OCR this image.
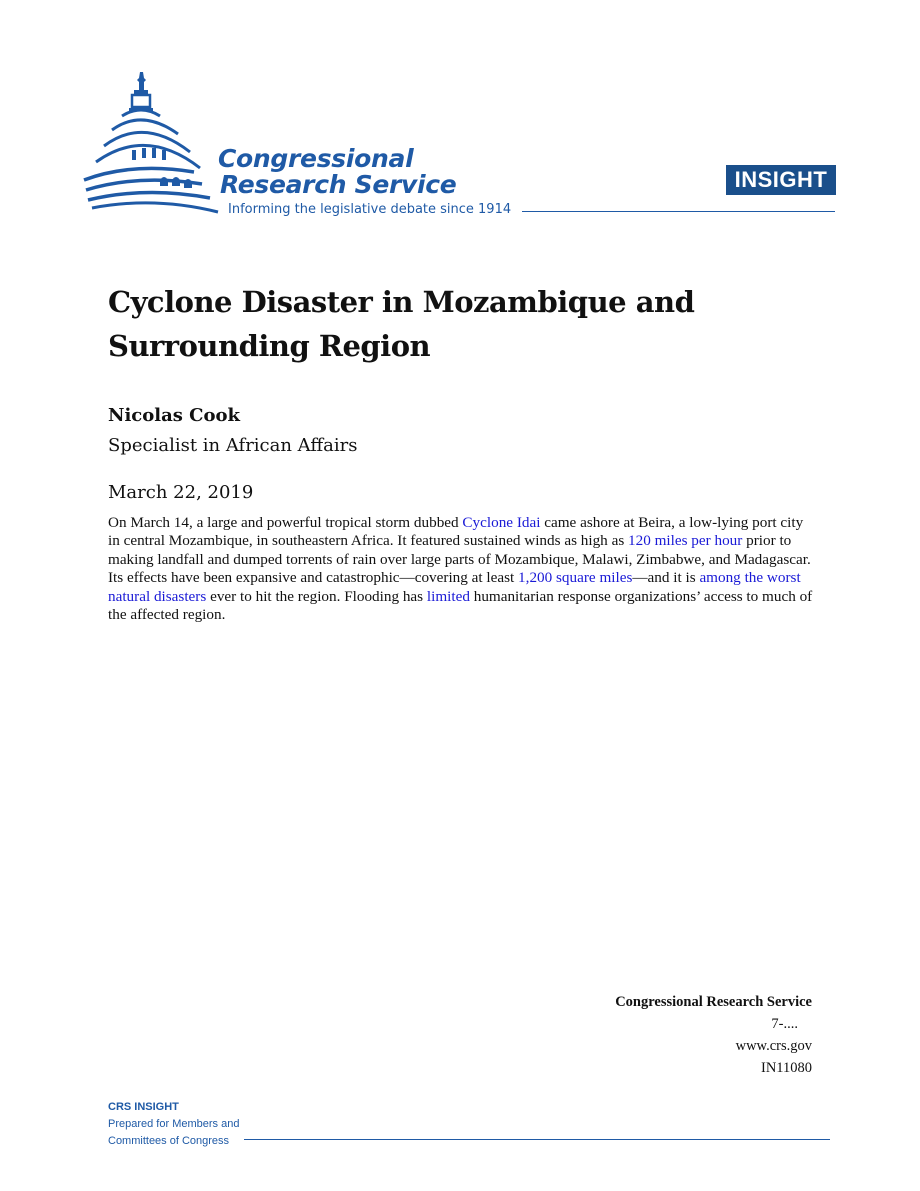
Congressional
Research Service
Informing the legislative debate since 1914
INSIGHT
Cyclone Disaster in Mozambique and Surrounding Region
Nicolas Cook
Specialist in African Affairs
March 22, 2019

On March 14, a large and powerful tropical storm dubbed Cyclone Idai came ashore at Beira, a low-lying port city in central Mozambique, in southeastern Africa. It featured sustained winds as high as 120 miles per hour prior to making landfall and dumped torrents of rain over large parts of Mozambique, Malawi, Zimbabwe, and Madagascar. Its effects have been expansive and catastrophic—covering at least 1,200 square miles—and it is among the worst natural disasters ever to hit the region. Flooding has limited humanitarian response organizations’ access to much of the affected region.

Congressional Research Service
7-....
www.crs.gov
IN11080
CRS INSIGHT
Prepared for Members and
Committees of Congress
